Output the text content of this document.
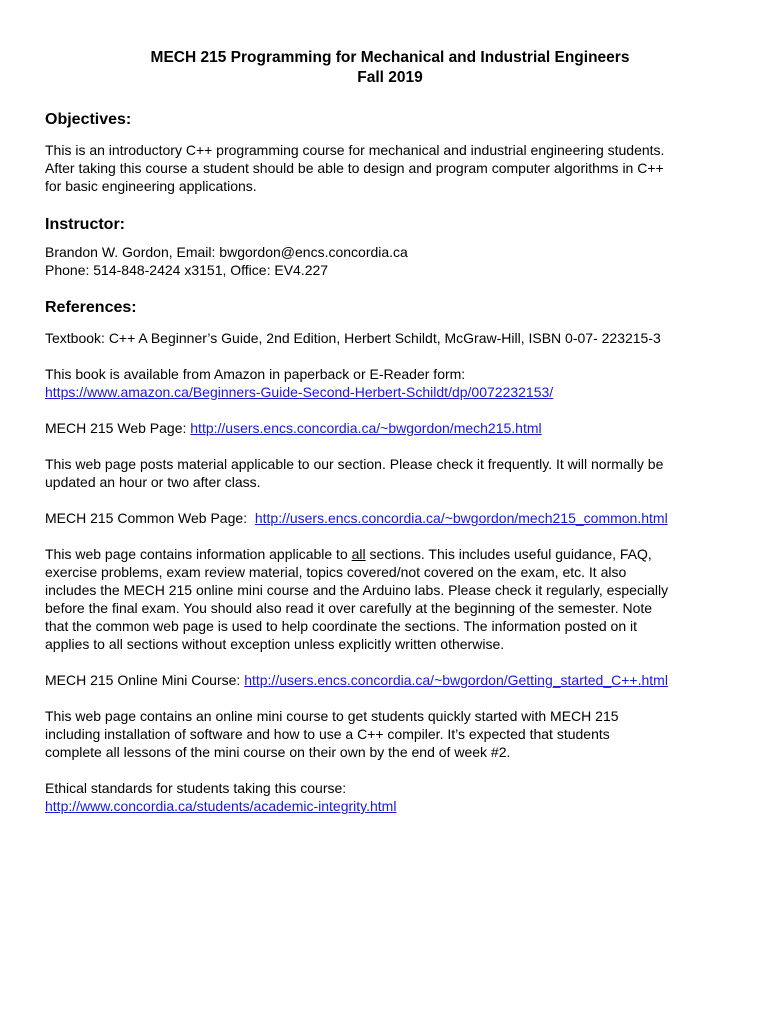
MECH 215 Programming for Mechanical and Industrial Engineers

Fall 2019

Objectives:

This is an introductory C++ programming course for mechanical and industrial engineering students.

After taking this course a student should be able to design and program computer algorithms in C++

for basic engineering applications.

Instructor:

Brandon W. Gordon, Email: bwgordon@encs.concordia.ca

Phone: 514-848-2424 x3151, Office: EV4.227

References:

Textbook: C++ A Beginner’s Guide, 2nd Edition, Herbert Schildt, McGraw-Hill, ISBN 0-07- 223215-3

This book is available from Amazon in paperback or E-Reader form:

https://www.amazon.ca/Beginners-Guide-Second-Herbert-Schildt/dp/0072232153/

MECH 215 Web Page: http://users.encs.concordia.ca/~bwgordon/mech215.html

This web page posts material applicable to our section. Please check it frequently. It will normally be

updated an hour or two after class.

MECH 215 Common Web Page:  http://users.encs.concordia.ca/~bwgordon/mech215_common.html

This web page contains information applicable to all sections. This includes useful guidance, FAQ,

exercise problems, exam review material, topics covered/not covered on the exam, etc. It also

includes the MECH 215 online mini course and the Arduino labs. Please check it regularly, especially

before the final exam. You should also read it over carefully at the beginning of the semester. Note

that the common web page is used to help coordinate the sections. The information posted on it

applies to all sections without exception unless explicitly written otherwise.

MECH 215 Online Mini Course: http://users.encs.concordia.ca/~bwgordon/Getting_started_C++.html

This web page contains an online mini course to get students quickly started with MECH 215

including installation of software and how to use a C++ compiler. It’s expected that students

complete all lessons of the mini course on their own by the end of week #2.

Ethical standards for students taking this course:

http://www.concordia.ca/students/academic-integrity.html
